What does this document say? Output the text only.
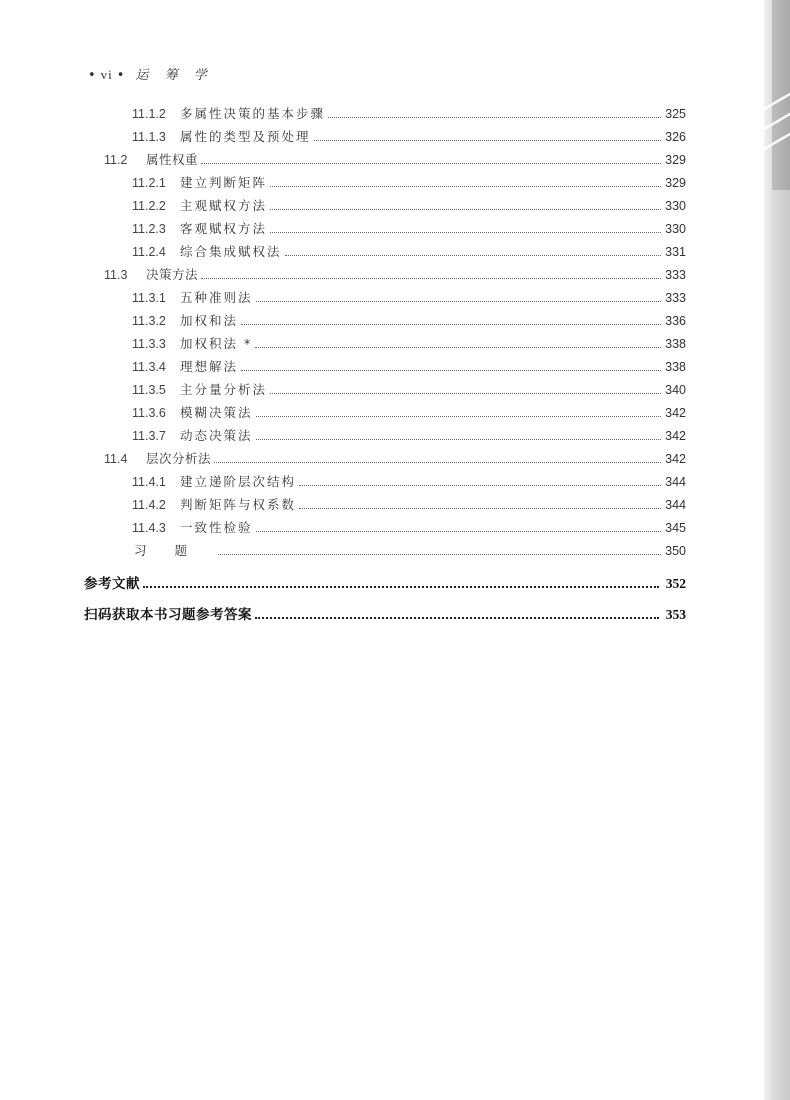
• vi • 运 筹 学
11.1.2	多属性决策的基本步骤	325
11.1.3	属性的类型及预处理	326
11.2	属性权重	329
11.2.1	建立判断矩阵	329
11.2.2	主观赋权方法	330
11.2.3	客观赋权方法	330
11.2.4	综合集成赋权法	331
11.3	决策方法	333
11.3.1	五种准则法	333
11.3.2	加权和法	336
11.3.3	加权积法 *	338
11.3.4	理想解法	338
11.3.5	主分量分析法	340
11.3.6	模糊决策法	342
11.3.7	动态决策法	342
11.4	层次分析法	342
11.4.1	建立递阶层次结构	344
11.4.2	判断矩阵与权系数	344
11.4.3	一致性检验	345
习题	350
参考文献	352
扫码获取本书习题参考答案	353
